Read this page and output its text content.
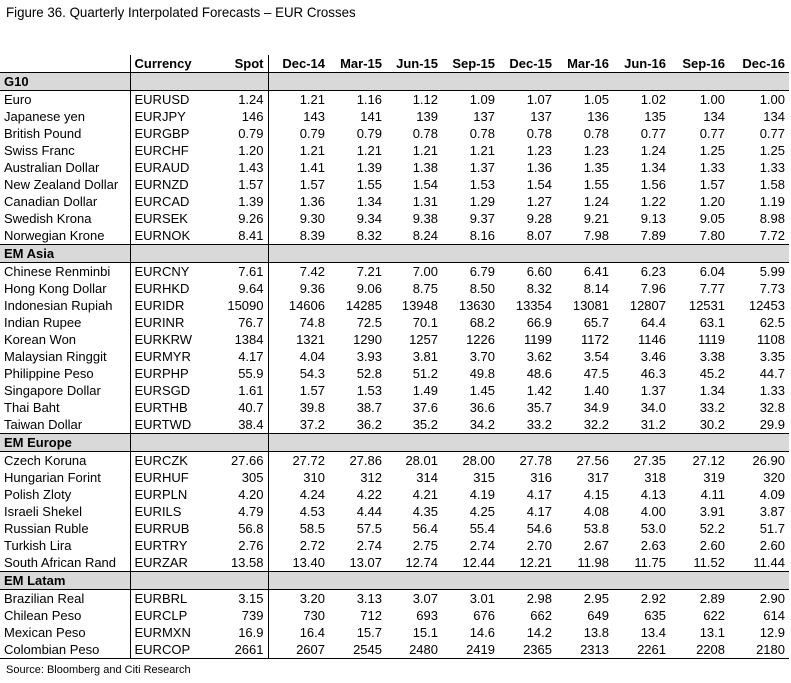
Figure 36. Quarterly Interpolated Forecasts – EUR Crosses
	Currency	Spot	Dec-14	Mar-15	Jun-15	Sep-15	Dec-15	Mar-16	Jun-16	Sep-16	Dec-16
G10											
Euro	EURUSD	1.24	1.21	1.16	1.12	1.09	1.07	1.05	1.02	1.00	1.00
Japanese yen	EURJPY	146	143	141	139	137	137	136	135	134	134
British Pound	EURGBP	0.79	0.79	0.79	0.78	0.78	0.78	0.78	0.77	0.77	0.77
Swiss Franc	EURCHF	1.20	1.21	1.21	1.21	1.21	1.23	1.23	1.24	1.25	1.25
Australian Dollar	EURAUD	1.43	1.41	1.39	1.38	1.37	1.36	1.35	1.34	1.33	1.33
New Zealand Dollar	EURNZD	1.57	1.57	1.55	1.54	1.53	1.54	1.55	1.56	1.57	1.58
Canadian Dollar	EURCAD	1.39	1.36	1.34	1.31	1.29	1.27	1.24	1.22	1.20	1.19
Swedish Krona	EURSEK	9.26	9.30	9.34	9.38	9.37	9.28	9.21	9.13	9.05	8.98
Norwegian Krone	EURNOK	8.41	8.39	8.32	8.24	8.16	8.07	7.98	7.89	7.80	7.72
EM Asia											
Chinese Renminbi	EURCNY	7.61	7.42	7.21	7.00	6.79	6.60	6.41	6.23	6.04	5.99
Hong Kong Dollar	EURHKD	9.64	9.36	9.06	8.75	8.50	8.32	8.14	7.96	7.77	7.73
Indonesian Rupiah	EURIDR	15090	14606	14285	13948	13630	13354	13081	12807	12531	12453
Indian Rupee	EURINR	76.7	74.8	72.5	70.1	68.2	66.9	65.7	64.4	63.1	62.5
Korean Won	EURKRW	1384	1321	1290	1257	1226	1199	1172	1146	1119	1108
Malaysian Ringgit	EURMYR	4.17	4.04	3.93	3.81	3.70	3.62	3.54	3.46	3.38	3.35
Philippine Peso	EURPHP	55.9	54.3	52.8	51.2	49.8	48.6	47.5	46.3	45.2	44.7
Singapore Dollar	EURSGD	1.61	1.57	1.53	1.49	1.45	1.42	1.40	1.37	1.34	1.33
Thai Baht	EURTHB	40.7	39.8	38.7	37.6	36.6	35.7	34.9	34.0	33.2	32.8
Taiwan Dollar	EURTWD	38.4	37.2	36.2	35.2	34.2	33.2	32.2	31.2	30.2	29.9
EM Europe											
Czech Koruna	EURCZK	27.66	27.72	27.86	28.01	28.00	27.78	27.56	27.35	27.12	26.90
Hungarian Forint	EURHUF	305	310	312	314	315	316	317	318	319	320
Polish Zloty	EURPLN	4.20	4.24	4.22	4.21	4.19	4.17	4.15	4.13	4.11	4.09
Israeli Shekel	EURILS	4.79	4.53	4.44	4.35	4.25	4.17	4.08	4.00	3.91	3.87
Russian Ruble	EURRUB	56.8	58.5	57.5	56.4	55.4	54.6	53.8	53.0	52.2	51.7
Turkish Lira	EURTRY	2.76	2.72	2.74	2.75	2.74	2.70	2.67	2.63	2.60	2.60
South African Rand	EURZAR	13.58	13.40	13.07	12.74	12.44	12.21	11.98	11.75	11.52	11.44
EM Latam											
Brazilian Real	EURBRL	3.15	3.20	3.13	3.07	3.01	2.98	2.95	2.92	2.89	2.90
Chilean Peso	EURCLP	739	730	712	693	676	662	649	635	622	614
Mexican Peso	EURMXN	16.9	16.4	15.7	15.1	14.6	14.2	13.8	13.4	13.1	12.9
Colombian Peso	EURCOP	2661	2607	2545	2480	2419	2365	2313	2261	2208	2180
Source: Bloomberg and Citi Research
